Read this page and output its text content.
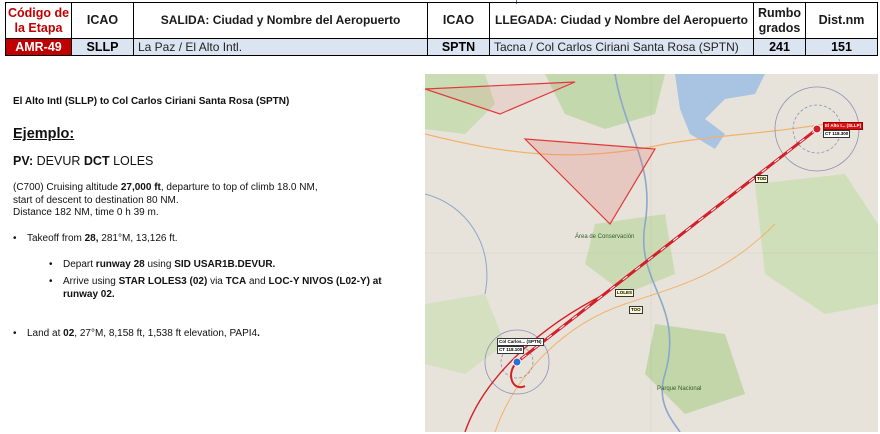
Código de la Etapa	ICAO	SALIDA: Ciudad y Nombre del Aeropuerto	ICAO	LLEGADA: Ciudad y Nombre del Aeropuerto	Rumbo grados	Dist.nm
AMR-49	SLLP	La Paz / El Alto Intl.	SPTN	Tacna / Col Carlos Ciriani Santa Rosa (SPTN)	241	151
El Alto Intl (SLLP) to Col Carlos Ciriani Santa Rosa (SPTN)
Ejemplo:
PV: DEVUR DCT LOLES
(C700) Cruising altitude 27,000 ft, departure to top of climb 18.0 NM,
start of descent to destination 80 NM.
Distance 182 NM, time 0 h 39 m.
• Takeoff from 28, 281°M, 13,126 ft.
• Depart runway 28 using SID USAR1B.DEVUR.
• Arrive using STAR LOLES3 (02) via TCA and LOC-Y NIVOS (L02-Y) at runway 02.
• Land at 02, 27°M, 8,158 ft, 1,538 ft elevation, PAPI4.
El Alto I... (SLLP)
CT 118.300
Col Carlos... (SPTN)
CT 118.100
LOLES
TOD
TOO
Área de Conservación
Parque Nacional
